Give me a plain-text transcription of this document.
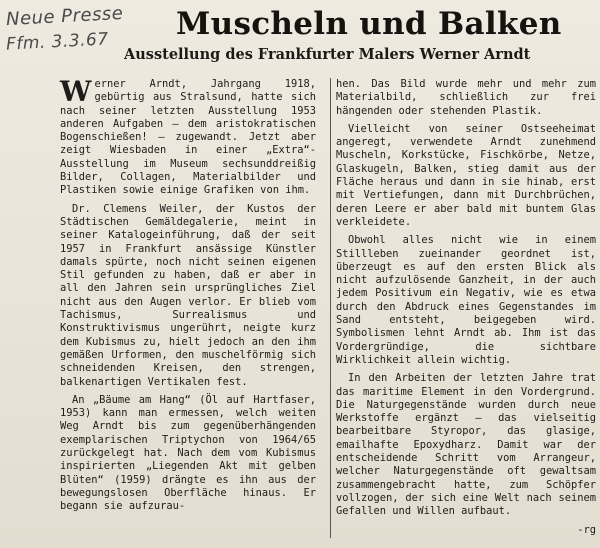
Neue Presse
Ffm. 3.3.67 Muscheln und Balken
Ausstellung des Frankfurter Malers Werner Arndt

Werner Arndt, Jahrgang 1918, gebürtig aus Stralsund, hatte sich nach seiner letzten Ausstellung 1953 anderen Aufgaben — dem aristokratischen Bogenschießen! — zugewandt. Jetzt aber zeigt Wiesbaden in einer „Extra“-Ausstellung im Museum sechsunddreißig Bilder, Collagen, Materialbilder und Plastiken sowie einige Grafiken von ihm.

Dr. Clemens Weiler, der Kustos der Städtischen Gemäldegalerie, meint in seiner Katalogeinführung, daß der seit 1957 in Frankfurt ansässige Künstler damals spürte, noch nicht seinen eigenen Stil gefunden zu haben, daß er aber in all den Jahren sein ursprüngliches Ziel nicht aus den Augen verlor. Er blieb vom Tachismus, Surrealismus und Konstruktivismus ungerührt, neigte kurz dem Kubismus zu, hielt jedoch an den ihm gemäßen Urformen, den muschelförmig sich schneidenden Kreisen, den strengen, balkenartigen Vertikalen fest.

An „Bäume am Hang“ (Öl auf Hartfaser, 1953) kann man ermessen, welch weiten Weg Arndt bis zum gegenüberhängenden exemplarischen Triptychon von 1964/65 zurückgelegt hat. Nach dem vom Kubismus inspirierten „Liegenden Akt mit gelben Blüten“ (1959) drängte es ihn aus der bewegungslosen Oberfläche hinaus. Er begann sie aufzurau-

hen. Das Bild wurde mehr und mehr zum Materialbild, schließlich zur frei hängenden oder stehenden Plastik.

Vielleicht von seiner Ostseeheimat angeregt, verwendete Arndt zunehmend Muscheln, Korkstücke, Fischkörbe, Netze, Glaskugeln, Balken, stieg damit aus der Fläche heraus und dann in sie hinab, erst mit Vertiefungen, dann mit Durchbrüchen, deren Leere er aber bald mit buntem Glas verkleidete.

Obwohl alles nicht wie in einem Stillleben zueinander geordnet ist, überzeugt es auf den ersten Blick als nicht aufzulösende Ganzheit, in der auch jedem Positivum ein Negativ, wie es etwa durch den Abdruck eines Gegenstandes im Sand entsteht, beigegeben wird. Symbolismen lehnt Arndt ab. Ihm ist das Vordergründige, die sichtbare Wirklichkeit allein wichtig.

In den Arbeiten der letzten Jahre trat das maritime Element in den Vordergrund. Die Naturgegenstände wurden durch neue Werkstoffe ergänzt — das vielseitig bearbeitbare Styropor, das glasige, emailhafte Epoxydharz. Damit war der entscheidende Schritt vom Arrangeur, welcher Naturgegenstände oft gewaltsam zusammengebracht hatte, zum Schöpfer vollzogen, der sich eine Welt nach seinem Gefallen und Willen aufbaut.

-rg
